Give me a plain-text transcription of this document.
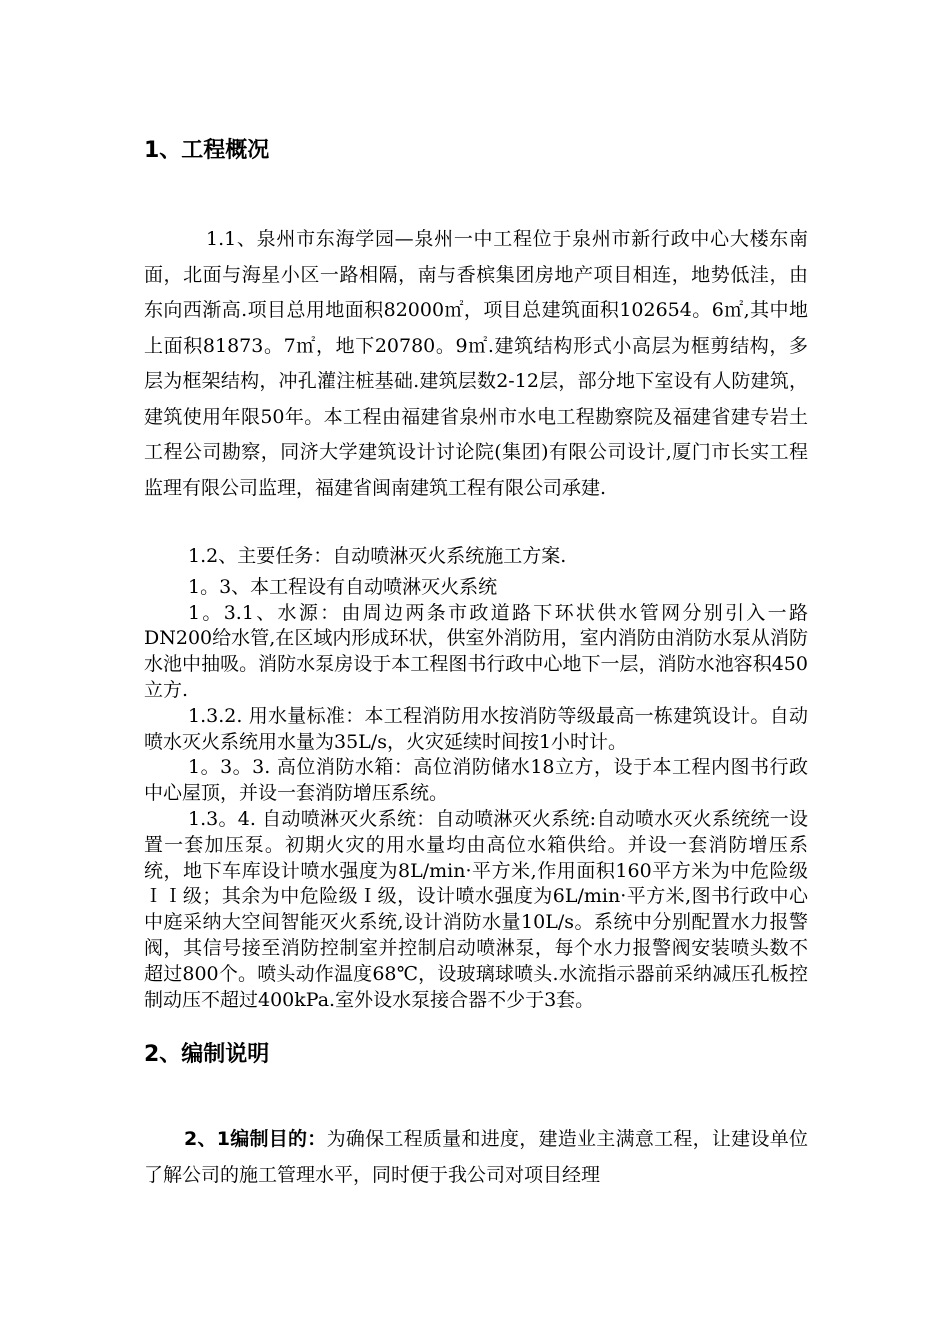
1、工程概况

1.1、泉州市东海学园—泉州一中工程位于泉州市新行政中心大楼东南面，北面与海星小区一路相隔，南与香槟集团房地产项目相连，地势低洼，由东向西渐高.项目总用地面积82000㎡，项目总建筑面积102654。6㎡,其中地上面积81873。7㎡，地下20780。9㎡.建筑结构形式小高层为框剪结构，多层为框架结构，冲孔灌注桩基础.建筑层数2-12层，部分地下室设有人防建筑，建筑使用年限50年。本工程由福建省泉州市水电工程勘察院及福建省建专岩土工程公司勘察，同济大学建筑设计讨论院(集团)有限公司设计,厦门市长实工程监理有限公司监理，福建省闽南建筑工程有限公司承建.

1.2、主要任务：自动喷淋灭火系统施工方案.

1。3、本工程设有自动喷淋灭火系统

1。3.1、水源：由周边两条市政道路下环状供水管网分别引入一路DN200给水管,在区域内形成环状，供室外消防用，室内消防由消防水泵从消防水池中抽吸。消防水泵房设于本工程图书行政中心地下一层，消防水池容积450立方.

1.3.2. 用水量标准：本工程消防用水按消防等级最高一栋建筑设计。自动喷水灭火系统用水量为35L/s，火灾延续时间按1小时计。

1。3。3. 高位消防水箱：高位消防储水18立方，设于本工程内图书行政中心屋顶，并设一套消防增压系统。

1.3。4. 自动喷淋灭火系统：自动喷淋灭火系统:自动喷水灭火系统统一设置一套加压泵。初期火灾的用水量均由高位水箱供给。并设一套消防增压系统，地下车库设计喷水强度为8L/min·平方米,作用面积160平方米为中危险级ＩＩ级；其余为中危险级Ｉ级，设计喷水强度为6L/min·平方米,图书行政中心中庭采纳大空间智能灭火系统,设计消防水量10L/s。系统中分别配置水力报警阀，其信号接至消防控制室并控制启动喷淋泵，每个水力报警阀安装喷头数不超过800个。喷头动作温度68℃，设玻璃球喷头.水流指示器前采纳减压孔板控制动压不超过400kPa.室外设水泵接合器不少于3套。

2、编制说明

2、1编制目的：为确保工程质量和进度，建造业主满意工程，让建设单位了解公司的施工管理水平，同时便于我公司对项目经理
